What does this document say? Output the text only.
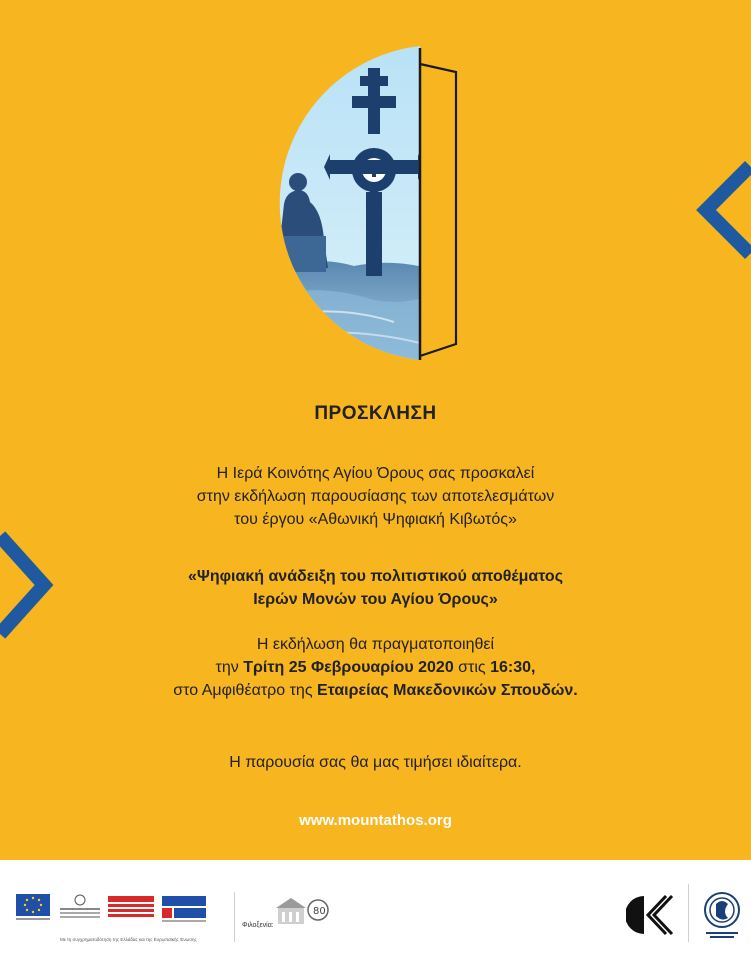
ΠΡΟΣΚΛΗΣΗ
Η Ιερά Κοινότης Αγίου Όρους σας προσκαλεί
στην εκδήλωση παρουσίασης των αποτελεσμάτων
του έργου «Αθωνική Ψηφιακή Κιβωτός»
«Ψηφιακή ανάδειξη του πολιτιστικού αποθέματος
Ιερών Μονών του Αγίου Όρους»
Η εκδήλωση θα πραγματοποιηθεί
την Τρίτη 25 Φεβρουαρίου 2020 στις 16:30,
στο Αμφιθέατρο της Εταιρείας Μακεδονικών Σπουδών.
Η παρουσία σας θα μας τιμήσει ιδιαίτερα.
www.mountathos.org
Με τη συγχρηματοδότηση της Ελλάδας και της Ευρωπαϊκής Ένωσης
Φιλοξενία:
80
